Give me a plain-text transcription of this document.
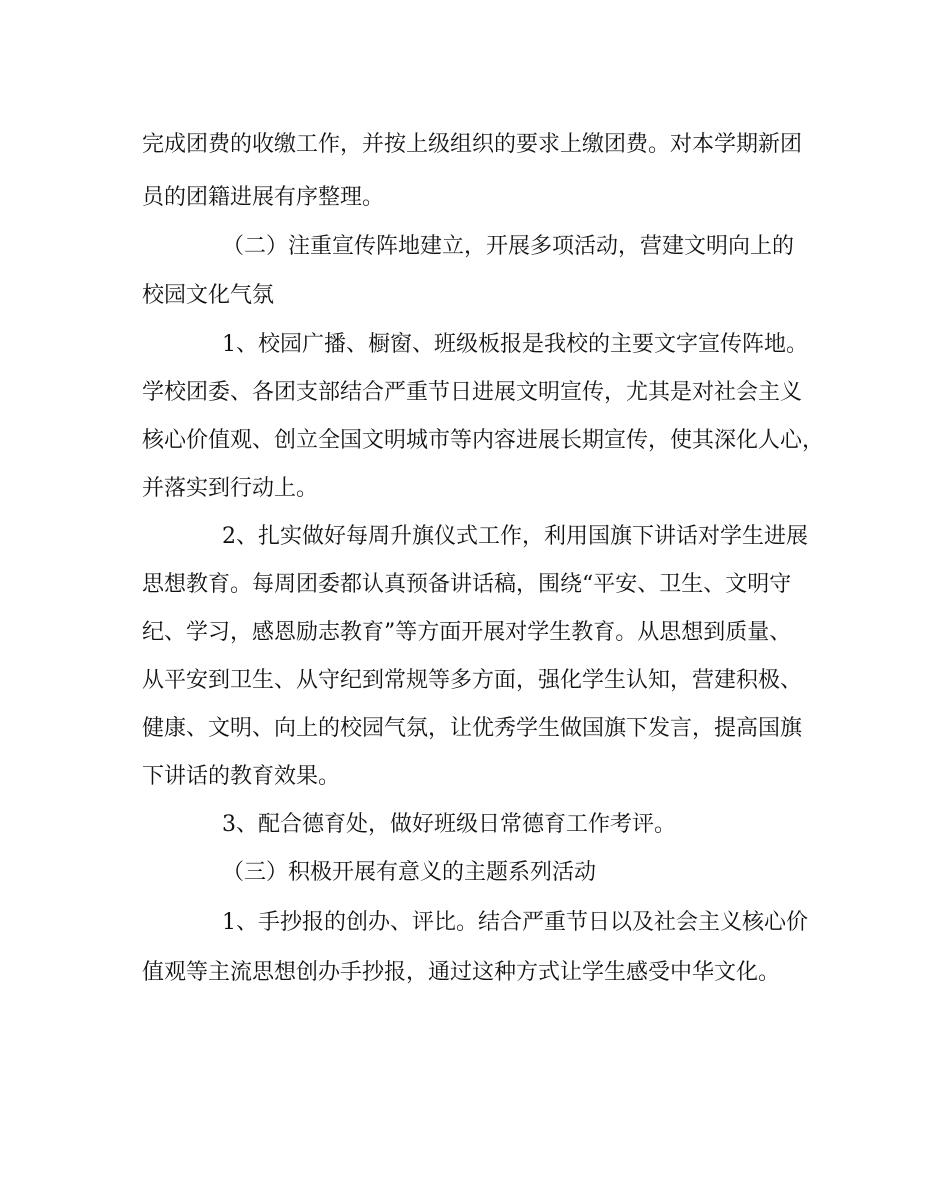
完成团费的收缴工作，并按上级组织的要求上缴团费。对本学期新团
员的团籍进展有序整理。
（二）注重宣传阵地建立，开展多项活动，营建文明向上的
校园文化气氛
1、校园广播、橱窗、班级板报是我校的主要文字宣传阵地。
学校团委、各团支部结合严重节日进展文明宣传，尤其是对社会主义
核心价值观、创立全国文明城市等内容进展长期宣传，使其深化人心，
并落实到行动上。
2、扎实做好每周升旗仪式工作，利用国旗下讲话对学生进展
思想教育。每周团委都认真预备讲话稿，围绕“平安、卫生、文明守
纪、学习，感恩励志教育”等方面开展对学生教育。从思想到质量、
从平安到卫生、从守纪到常规等多方面，强化学生认知，营建积极、
健康、文明、向上的校园气氛，让优秀学生做国旗下发言，提高国旗
下讲话的教育效果。
3、配合德育处，做好班级日常德育工作考评。
（三）积极开展有意义的主题系列活动
1、手抄报的创办、评比。结合严重节日以及社会主义核心价
值观等主流思想创办手抄报，通过这种方式让学生感受中华文化。
